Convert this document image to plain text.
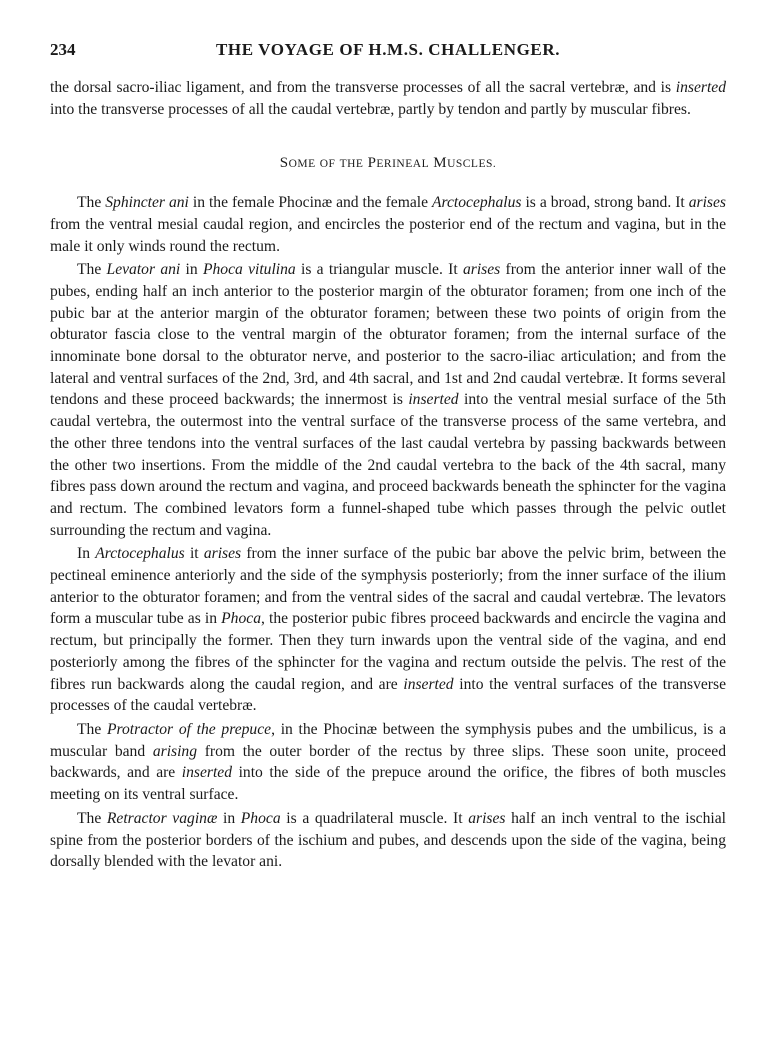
234	THE VOYAGE OF H.M.S. CHALLENGER.

the dorsal sacro-iliac ligament, and from the transverse processes of all the sacral vertebræ, and is inserted into the transverse processes of all the caudal vertebræ, partly by tendon and partly by muscular fibres.

SOME OF THE PERINEAL MUSCLES.

The Sphincter ani in the female Phocinæ and the female Arctocephalus is a broad, strong band. It arises from the ventral mesial caudal region, and encircles the posterior end of the rectum and vagina, but in the male it only winds round the rectum.

The Levator ani in Phoca vitulina is a triangular muscle. It arises from the anterior inner wall of the pubes, ending half an inch anterior to the posterior margin of the obturator foramen; from one inch of the pubic bar at the anterior margin of the obturator foramen; between these two points of origin from the obturator fascia close to the ventral margin of the obturator foramen; from the internal surface of the innominate bone dorsal to the obturator nerve, and posterior to the sacro-iliac articulation; and from the lateral and ventral surfaces of the 2nd, 3rd, and 4th sacral, and 1st and 2nd caudal vertebræ. It forms several tendons and these proceed backwards; the innermost is inserted into the ventral mesial surface of the 5th caudal vertebra, the outermost into the ventral surface of the transverse process of the same vertebra, and the other three tendons into the ventral surfaces of the last caudal vertebra by passing backwards between the other two insertions. From the middle of the 2nd caudal vertebra to the back of the 4th sacral, many fibres pass down around the rectum and vagina, and proceed backwards beneath the sphincter for the vagina and rectum. The combined levators form a funnel-shaped tube which passes through the pelvic outlet surrounding the rectum and vagina.

In Arctocephalus it arises from the inner surface of the pubic bar above the pelvic brim, between the pectineal eminence anteriorly and the side of the symphysis posteriorly; from the inner surface of the ilium anterior to the obturator foramen; and from the ventral sides of the sacral and caudal vertebræ. The levators form a muscular tube as in Phoca, the posterior pubic fibres proceed backwards and encircle the vagina and rectum, but principally the former. Then they turn inwards upon the ventral side of the vagina, and end posteriorly among the fibres of the sphincter for the vagina and rectum outside the pelvis. The rest of the fibres run backwards along the caudal region, and are inserted into the ventral surfaces of the transverse processes of the caudal vertebræ.

The Protractor of the prepuce, in the Phocinæ between the symphysis pubes and the umbilicus, is a muscular band arising from the outer border of the rectus by three slips. These soon unite, proceed backwards, and are inserted into the side of the prepuce around the orifice, the fibres of both muscles meeting on its ventral surface.

The Retractor vaginæ in Phoca is a quadrilateral muscle. It arises half an inch ventral to the ischial spine from the posterior borders of the ischium and pubes, and descends upon the side of the vagina, being dorsally blended with the levator ani.
